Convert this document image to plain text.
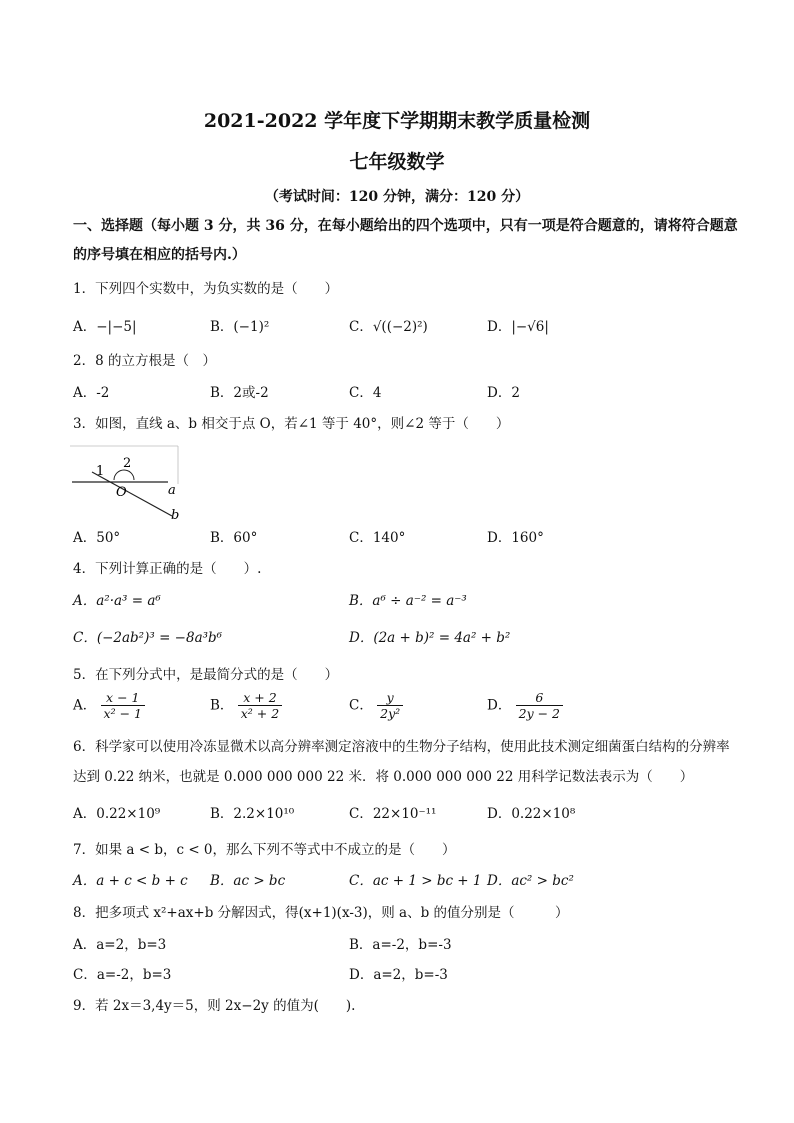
2021-2022 学年度下学期期末教学质量检测
七年级数学
（考试时间：120 分钟，满分：120 分）
一、选择题（每小题 3 分，共 36 分，在每小题给出的四个选项中，只有一项是符合题意的，请将符合题意的序号填在相应的括号内.）
1．下列四个实数中，为负实数的是（　　）
A．−|−5|	B．(−1)²	C．√((−2)²)	D．|−√6|
2．8 的立方根是（　）
A．-2	B．2或-2	C．4	D．2
3．如图，直线 a、b 相交于点 O，若∠1 等于 40°，则∠2 等于（　　）
1
2
O	a
b
A．50°	B．60°	C．140°	D．160°
4．下列计算正确的是（　　）.
A．a²·a³ = a⁶	B．a⁶ ÷ a⁻² = a⁻³
C．(−2ab²)³ = −8a³b⁶	D．(2a + b)² = 4a² + b²
5．在下列分式中，是最简分式的是（　　）
A． $\frac{x - 1}{\text{x² − 1}}$	B． $\frac{x + 2}{\text{x² + 2}}$	C． $\frac{y}{\text{2y²}}$	D． $\frac{6}{2y - 2}$
6．科学家可以使用冷冻显微术以高分辨率测定溶液中的生物分子结构，使用此技术测定细菌蛋白结构的分辨率达到 0.22 纳米，也就是 0.000 000 000 22 米．将 0.000 000 000 22 用科学记数法表示为（　　）
A．0.22×10⁹	B．2.2×10¹⁰	C．22×10⁻¹¹	D．0.22×10⁸
7．如果 a < b，c < 0，那么下列不等式中不成立的是（　　）
A．a + c < b + c B．ac > bc	C．ac + 1 > bc + 1 D．ac² > bc²
8．把多项式 x²+ax+b 分解因式，得(x+1)(x-3)，则 a、b 的值分别是（　　　）
A．a=2，b=3	B．a=-2，b=-3
C．a=-2，b=3	D．a=2，b=-3
9．若 2x＝3,4y＝5，则 2x−2y 的值为(　　).
